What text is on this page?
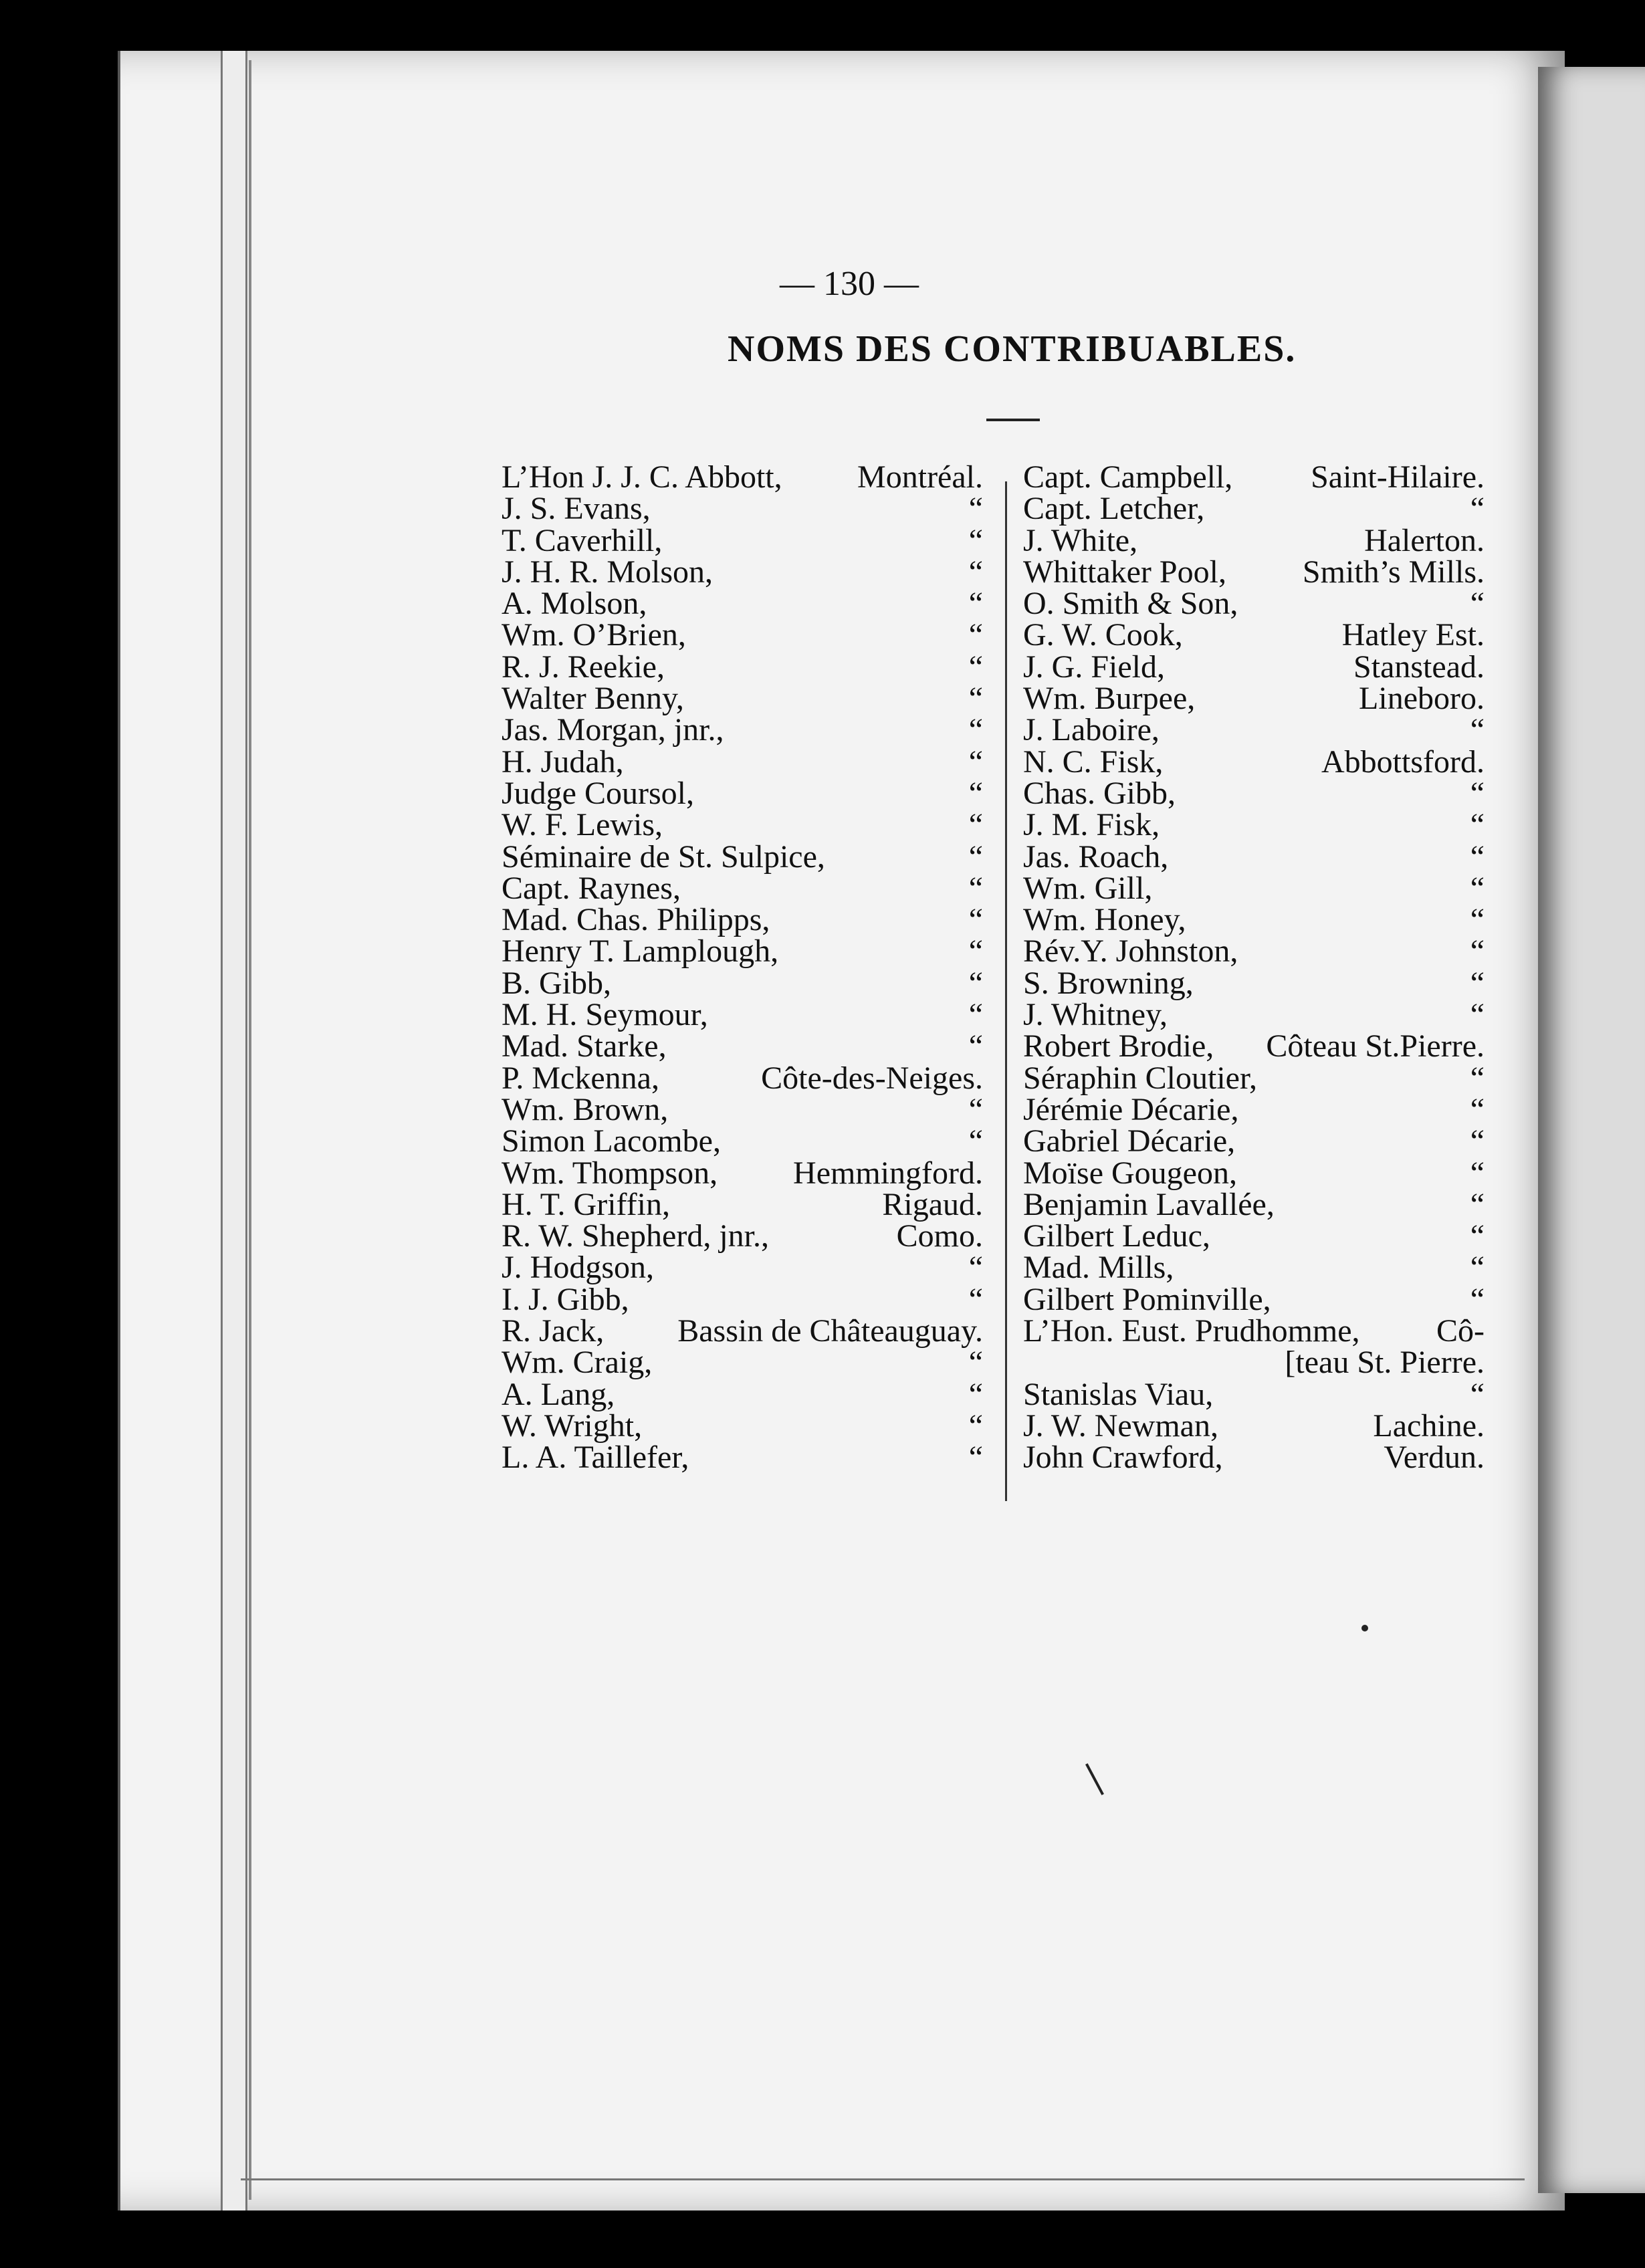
— 130 —
NOMS DES CONTRIBUABLES.
L’Hon J. J. C. Abbott,	Montréal.
J. S. Evans,	“
T. Caverhill,	“
J. H. R. Molson,	“
A. Molson,	“
Wm. O’Brien,	“
R. J. Reekie,	“
Walter Benny,	“
Jas. Morgan, jnr.,	“
H. Judah,	“
Judge Coursol,	“
W. F. Lewis,	“
Séminaire de St. Sulpice,	“
Capt. Raynes,	“
Mad. Chas. Philipps,	“
Henry T. Lamplough,	“
B. Gibb,	“
M. H. Seymour,	“
Mad. Starke,	“
P. Mckenna,	Côte-des-Neiges.
Wm. Brown,	“
Simon Lacombe,	“
Wm. Thompson,	Hemmingford.
H. T. Griffin,	Rigaud.
R. W. Shepherd, jnr.,	Como.
J. Hodgson,	“
I. J. Gibb,	“
R. Jack,	Bassin de Châteauguay.
Wm. Craig,	“
A. Lang,	“
W. Wright,	“
L. A. Taillefer,	“
Capt. Campbell,	Saint-Hilaire.
Capt. Letcher,	“
J. White,	Halerton.
Whittaker Pool,	Smith’s Mills.
O. Smith & Son,	“
G. W. Cook,	Hatley Est.
J. G. Field,	Stanstead.
Wm. Burpee,	Lineboro.
J. Laboire,	“
N. C. Fisk,	Abbottsford.
Chas. Gibb,	“
J. M. Fisk,	“
Jas. Roach,	“
Wm. Gill,	“
Wm. Honey,	“
Rév.Y. Johnston,	“
S. Browning,	“
J. Whitney,	“
Robert Brodie,	Côteau St.Pierre.
Séraphin Cloutier,	“
Jérémie Décarie,	“
Gabriel Décarie,	“
Moïse Gougeon,	“
Benjamin Lavallée,	“
Gilbert Leduc,	“
Mad. Mills,	“
Gilbert Pominville,	“
L’Hon. Eust. Prudhomme,	Cô-
[teau St. Pierre.
Stanislas Viau,	“
J. W. Newman,	Lachine.
John Crawford,	Verdun.
